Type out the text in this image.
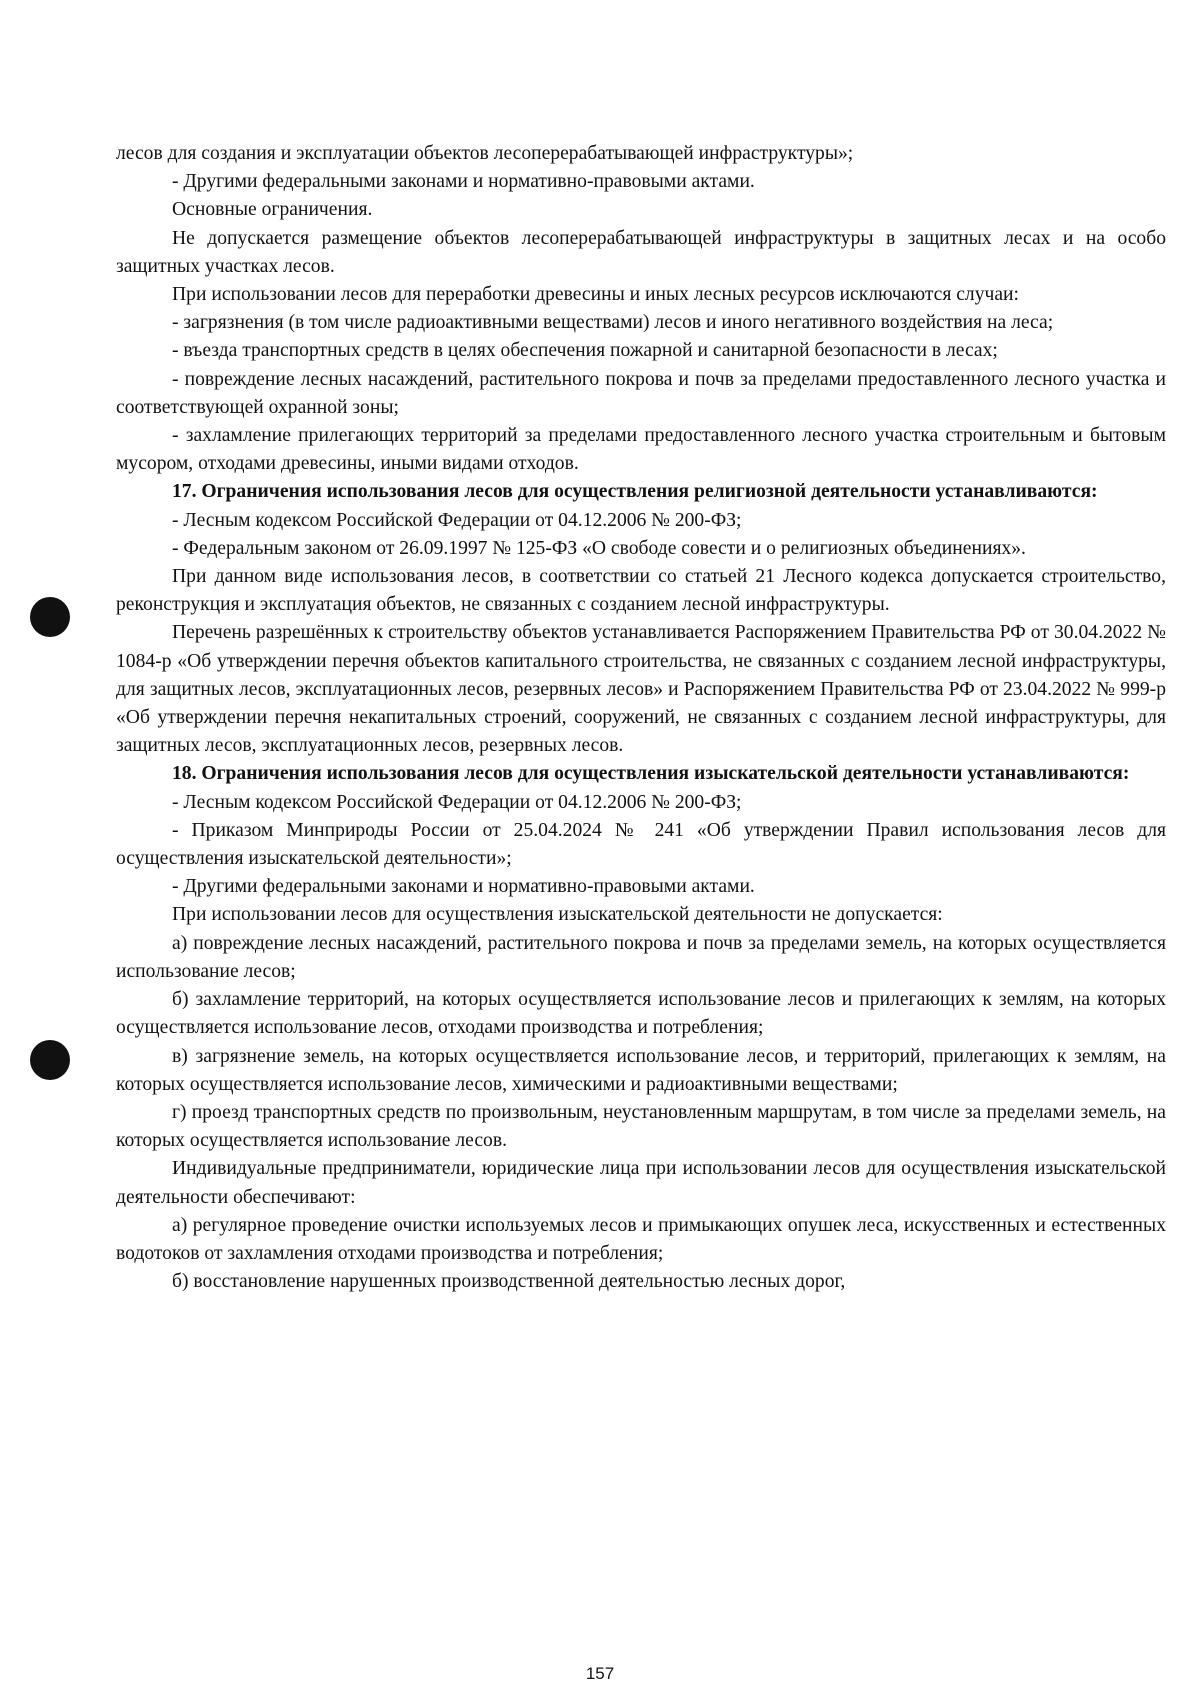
лесов для создания и эксплуатации объектов лесоперерабатывающей инфраструктуры»;

- Другими федеральными законами и нормативно-правовыми актами.

Основные ограничения.

Не допускается размещение объектов лесоперерабатывающей инфраструктуры в защитных лесах и на особо защитных участках лесов.

При использовании лесов для переработки древесины и иных лесных ресурсов исключаются случаи:

- загрязнения (в том числе радиоактивными веществами) лесов и иного негативного воздействия на леса;

- въезда транспортных средств в целях обеспечения пожарной и санитарной безопасности в лесах;

- повреждение лесных насаждений, растительного покрова и почв за пределами предоставленного лесного участка и соответствующей охранной зоны;

- захламление прилегающих территорий за пределами предоставленного лесного участка строительным и бытовым мусором, отходами древесины, иными видами отходов.

17. Ограничения использования лесов для осуществления религиозной деятельности устанавливаются:

- Лесным кодексом Российской Федерации от 04.12.2006 № 200-ФЗ;

- Федеральным законом от 26.09.1997 № 125-ФЗ «О свободе совести и о религиозных объединениях».

При данном виде использования лесов, в соответствии со статьей 21 Лесного кодекса допускается строительство, реконструкция и эксплуатация объектов, не связанных с созданием лесной инфраструктуры.

Перечень разрешённых к строительству объектов устанавливается Распоряжением Правительства РФ от 30.04.2022 № 1084-р «Об утверждении перечня объектов капитального строительства, не связанных с созданием лесной инфраструктуры, для защитных лесов, эксплуатационных лесов, резервных лесов» и Распоряжением Правительства РФ от 23.04.2022 № 999-р «Об утверждении перечня некапитальных строений, сооружений, не связанных с созданием лесной инфраструктуры, для защитных лесов, эксплуатационных лесов, резервных лесов.

18. Ограничения использования лесов для осуществления изыскательской деятельности устанавливаются:

- Лесным кодексом Российской Федерации от 04.12.2006 № 200-ФЗ;

- Приказом Минприроды России от 25.04.2024 № 241 «Об утверждении Правил использования лесов для осуществления изыскательской деятельности»;

- Другими федеральными законами и нормативно-правовыми актами.

При использовании лесов для осуществления изыскательской деятельности не допускается:

а) повреждение лесных насаждений, растительного покрова и почв за пределами земель, на которых осуществляется использование лесов;

б) захламление территорий, на которых осуществляется использование лесов и прилегающих к землям, на которых осуществляется использование лесов, отходами производства и потребления;

в) загрязнение земель, на которых осуществляется использование лесов, и территорий, прилегающих к землям, на которых осуществляется использование лесов, химическими и радиоактивными веществами;

г) проезд транспортных средств по произвольным, неустановленным маршрутам, в том числе за пределами земель, на которых осуществляется использование лесов.

Индивидуальные предприниматели, юридические лица при использовании лесов для осуществления изыскательской деятельности обеспечивают:

а) регулярное проведение очистки используемых лесов и примыкающих опушек леса, искусственных и естественных водотоков от захламления отходами производства и потребления;

б) восстановление нарушенных производственной деятельностью лесных дорог,

157
